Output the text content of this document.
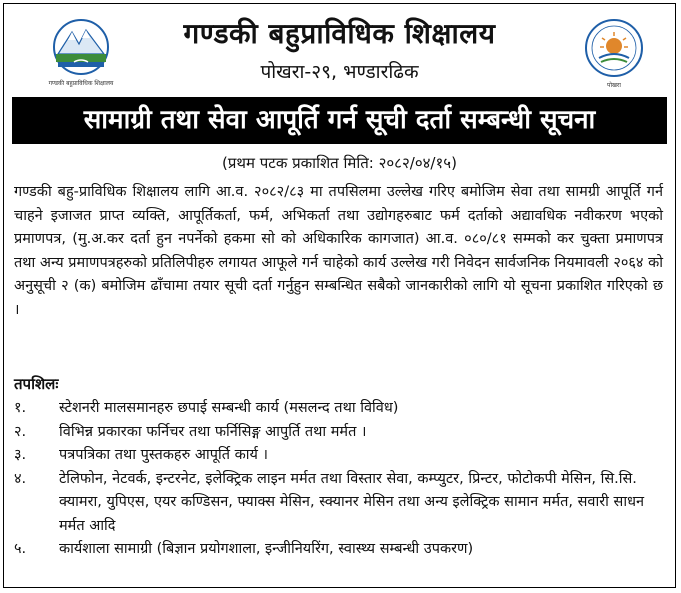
गण्डकी बहुप्राविधिक शिक्षालय
गण्डकी बहुप्राविधिक शिक्षालय
पोखरा-२९, भण्डारढिक
पोखरा
सामाग्री तथा सेवा आपूर्ति गर्न सूची दर्ता सम्बन्धी सूचना
(प्रथम पटक प्रकाशित मिति: २०८२/०४/१५)
गण्डकी बहु-प्राविधिक शिक्षालय लागि आ.व. २०८२/८३ मा तपसिलमा उल्लेख गरिए बमोजिम सेवा तथा सामग्री आपूर्ति गर्न चाहने इजाजत प्राप्त व्यक्ति, आपूर्तिकर्ता, फर्म, अभिकर्ता तथा उद्योगहरुबाट फर्म दर्ताको अद्यावधिक नवीकरण भएको प्रमाणपत्र, (मु.अ.कर दर्ता हुन नपर्नेको हकमा सो को अधिकारिक कागजात) आ.व. ०८०/८१ सम्मको कर चुक्ता प्रमाणपत्र तथा अन्य प्रमाणपत्रहरुको प्रतिलिपीहरु लगायत आफूले गर्न चाहेको कार्य उल्लेख गरी निवेदन सार्वजनिक नियमावली २०६४ को अनुसूची २ (क) बमोजिम ढाँचामा तयार सूची दर्ता गर्नुहुन सम्बन्धित सबैको जानकारीको लागि यो सूचना प्रकाशित गरिएको छ ।
तपशिलः
१.	स्टेशनरी मालसमानहरु छपाई सम्बन्धी कार्य (मसलन्द तथा विविध)
२.	विभिन्न प्रकारका फर्निचर तथा फर्निसिङ्ग आपुर्ति तथा मर्मत ।
३.	पत्रपत्रिका तथा पुस्तकहरु आपूर्ति कार्य ।
४.	टेलिफोन, नेटवर्क, इन्टरनेट, इलेक्ट्रिक लाइन मर्मत तथा विस्तार सेवा, कम्प्युटर, प्रिन्टर, फोटोकपी मेसिन, सि.सि. क्यामरा, युपिएस, एयर कण्डिसन, फ्याक्स मेसिन, स्क्यानर मेसिन तथा अन्य इलेक्ट्रिक सामान मर्मत, सवारी साधन मर्मत आदि
५.	कार्यशाला सामाग्री (बिज्ञान प्रयोगशाला, इन्जीनियरिंग, स्वास्थ्य सम्बन्धी उपकरण)
